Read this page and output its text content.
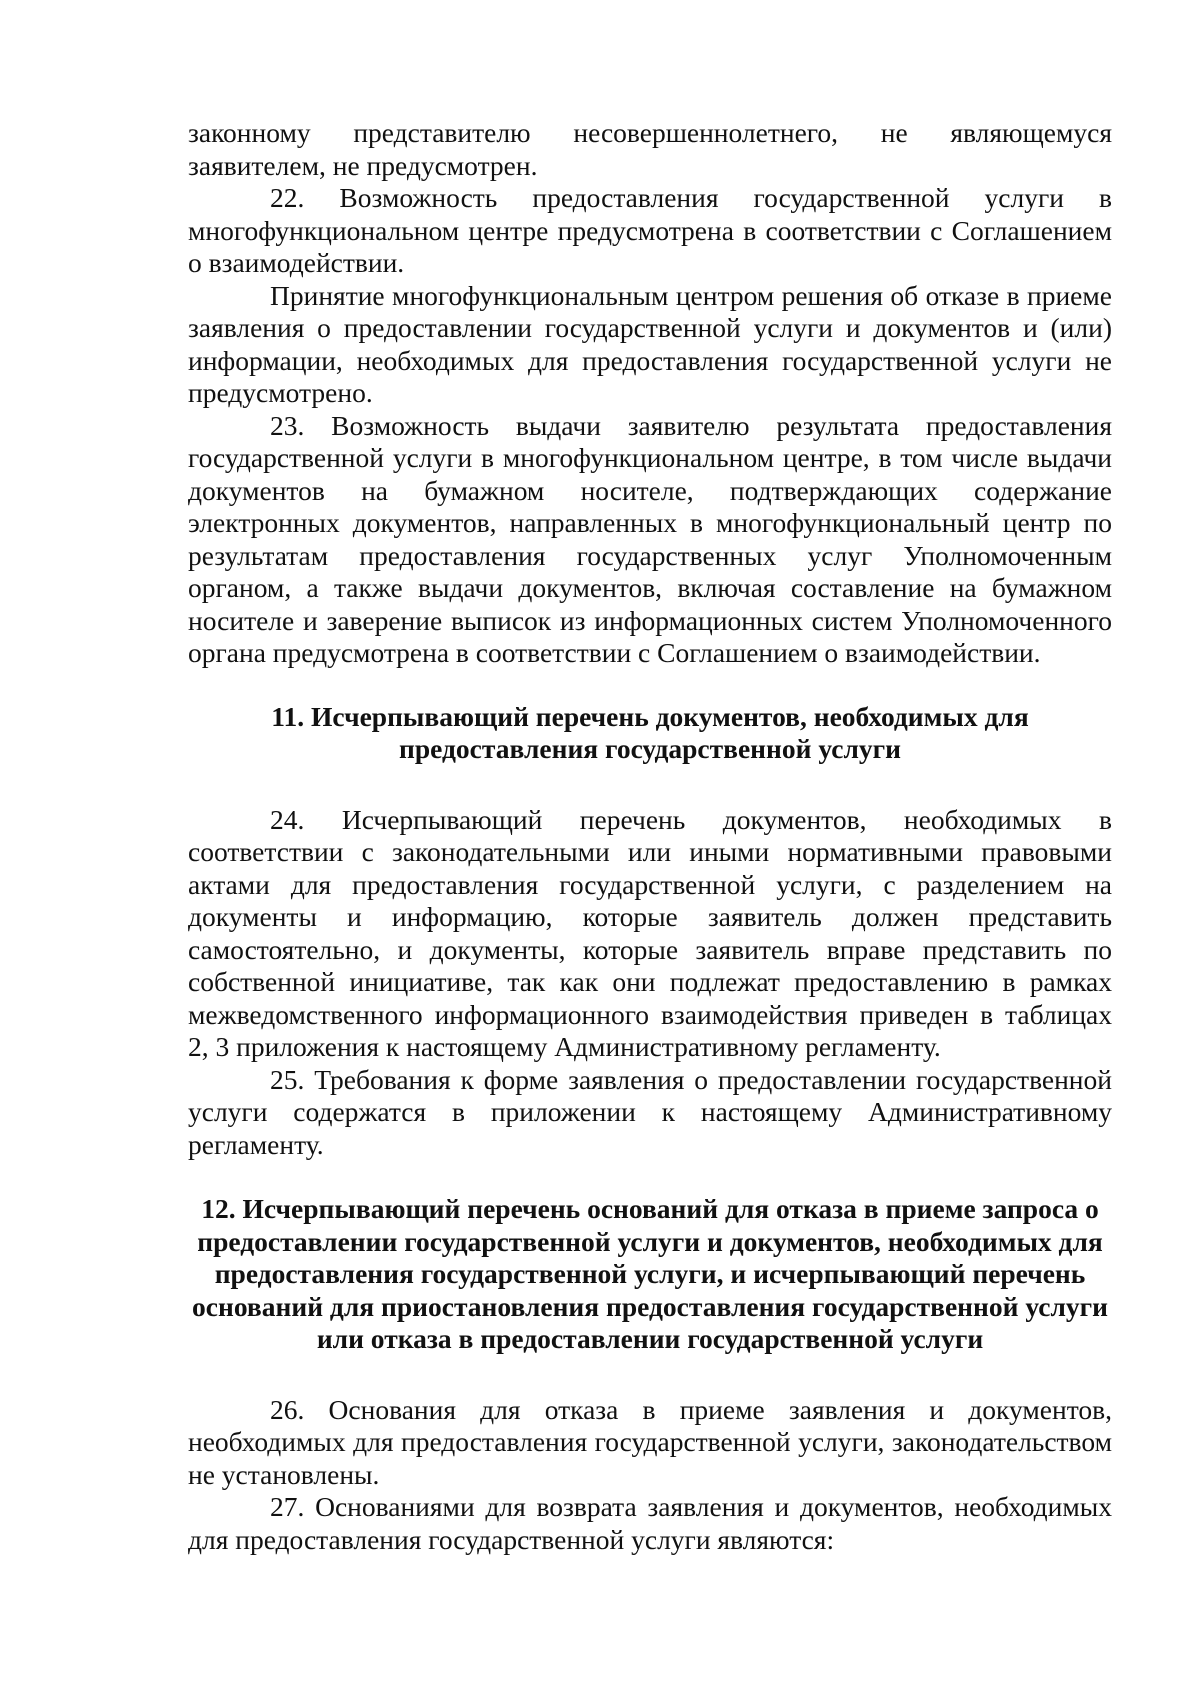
законному представителю несовершеннолетнего, не являющемуся заявителем, не предусмотрен.

22. Возможность предоставления государственной услуги в многофункциональном центре предусмотрена в соответствии с Соглашением о взаимодействии.

Принятие многофункциональным центром решения об отказе в приеме заявления о предоставлении государственной услуги и документов и (или) информации, необходимых для предоставления государственной услуги не предусмотрено.

23. Возможность выдачи заявителю результата предоставления государственной услуги в многофункциональном центре, в том числе выдачи документов на бумажном носителе, подтверждающих содержание электронных документов, направленных в многофункциональный центр по результатам предоставления государственных услуг Уполномоченным органом, а также выдачи документов, включая составление на бумажном носителе и заверение выписок из информационных систем Уполномоченного органа предусмотрена в соответствии с Соглашением о взаимодействии.

11. Исчерпывающий перечень документов, необходимых для предоставления государственной услуги

24. Исчерпывающий перечень документов, необходимых в соответствии с законодательными или иными нормативными правовыми актами для предоставления государственной услуги, с разделением на документы и информацию, которые заявитель должен представить самостоятельно, и документы, которые заявитель вправе представить по собственной инициативе, так как они подлежат предоставлению в рамках межведомственного информационного взаимодействия приведен в таблицах 2, 3 приложения к настоящему Административному регламенту.

25. Требования к форме заявления о предоставлении государственной услуги содержатся в приложении к настоящему Административному регламенту.

12. Исчерпывающий перечень оснований для отказа в приеме запроса о предоставлении государственной услуги и документов, необходимых для предоставления государственной услуги, и исчерпывающий перечень оснований для приостановления предоставления государственной услуги или отказа в предоставлении государственной услуги

26. Основания для отказа в приеме заявления и документов, необходимых для предоставления государственной услуги, законодательством не установлены.

27. Основаниями для возврата заявления и документов, необходимых для предоставления государственной услуги являются:
